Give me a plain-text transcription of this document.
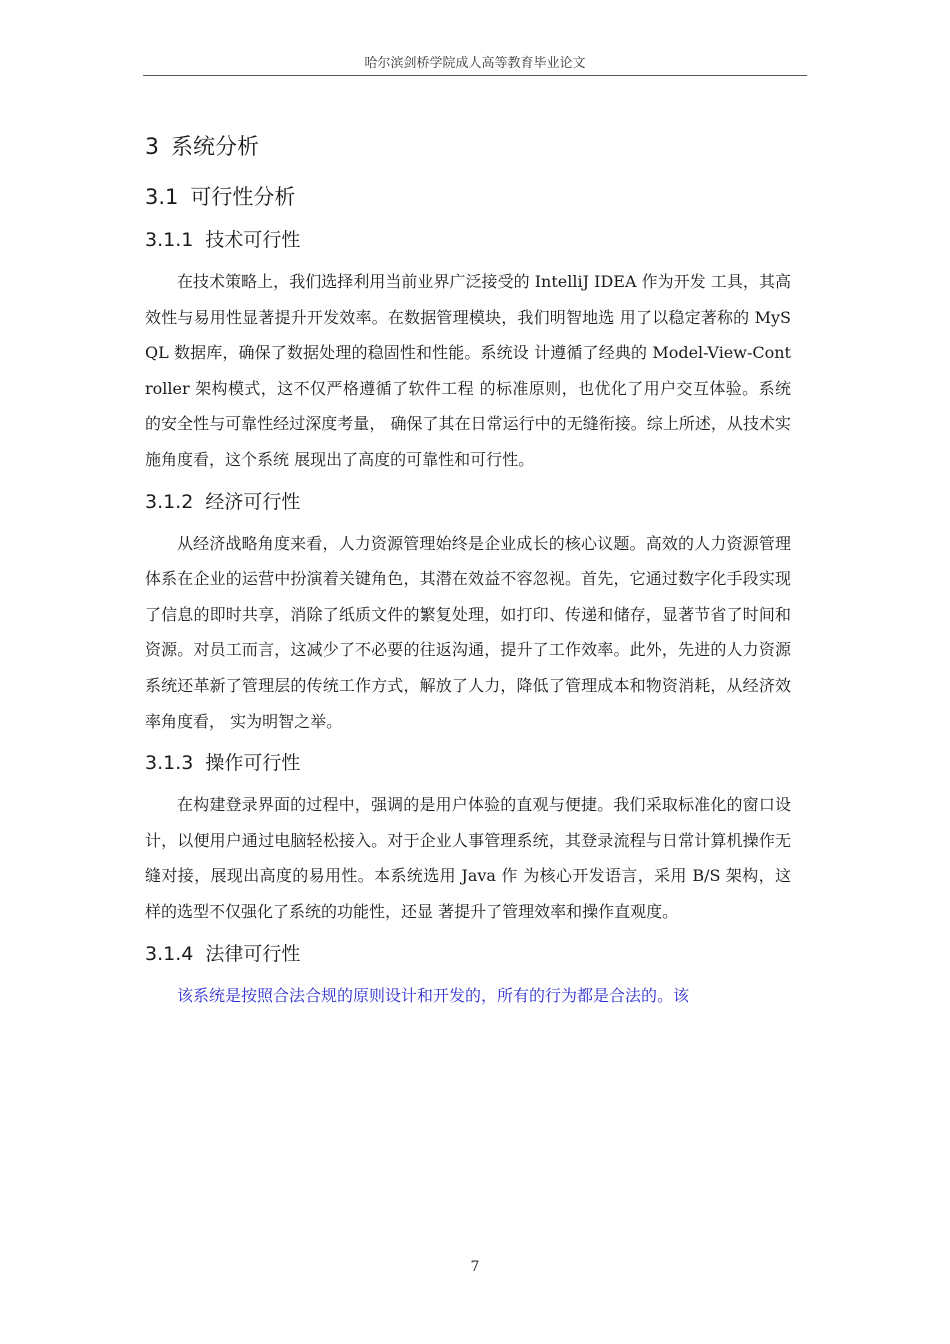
哈尔滨剑桥学院成人高等教育毕业论文
3 系统分析
3.1 可行性分析
3.1.1 技术可行性

在技术策略上，我们选择利用当前业界广泛接受的 IntelliJ IDEA 作为开发 工具，其高效性与易用性显著提升开发效率。在数据管理模块，我们明智地选 用了以稳定著称的 MySQL 数据库，确保了数据处理的稳固性和性能。系统设 计遵循了经典的 Model-View-Controller 架构模式，这不仅严格遵循了软件工程 的标准原则，也优化了用户交互体验。系统的安全性与可靠性经过深度考量， 确保了其在日常运行中的无缝衔接。综上所述，从技术实施角度看，这个系统 展现出了高度的可靠性和可行性。

3.1.2 经济可行性

从经济战略角度来看，人力资源管理始终是企业成长的核心议题。高效的人力资源管理体系在企业的运营中扮演着关键角色，其潜在效益不容忽视。首先，它通过数字化手段实现了信息的即时共享，消除了纸质文件的繁复处理，如打印、传递和储存，显著节省了时间和资源。对员工而言，这减少了不必要的往返沟通，提升了工作效率。此外，先进的人力资源系统还革新了管理层的传统工作方式，解放了人力，降低了管理成本和物资消耗，从经济效率角度看， 实为明智之举。

3.1.3 操作可行性

在构建登录界面的过程中，强调的是用户体验的直观与便捷。我们采取标准化的窗口设计，以便用户通过电脑轻松接入。对于企业人事管理系统，其登录流程与日常计算机操作无缝对接，展现出高度的易用性。本系统选用 Java 作 为核心开发语言，采用 B/S 架构，这样的选型不仅强化了系统的功能性，还显 著提升了管理效率和操作直观度。

3.1.4 法律可行性

该系统是按照合法合规的原则设计和开发的，所有的行为都是合法的。该

7
